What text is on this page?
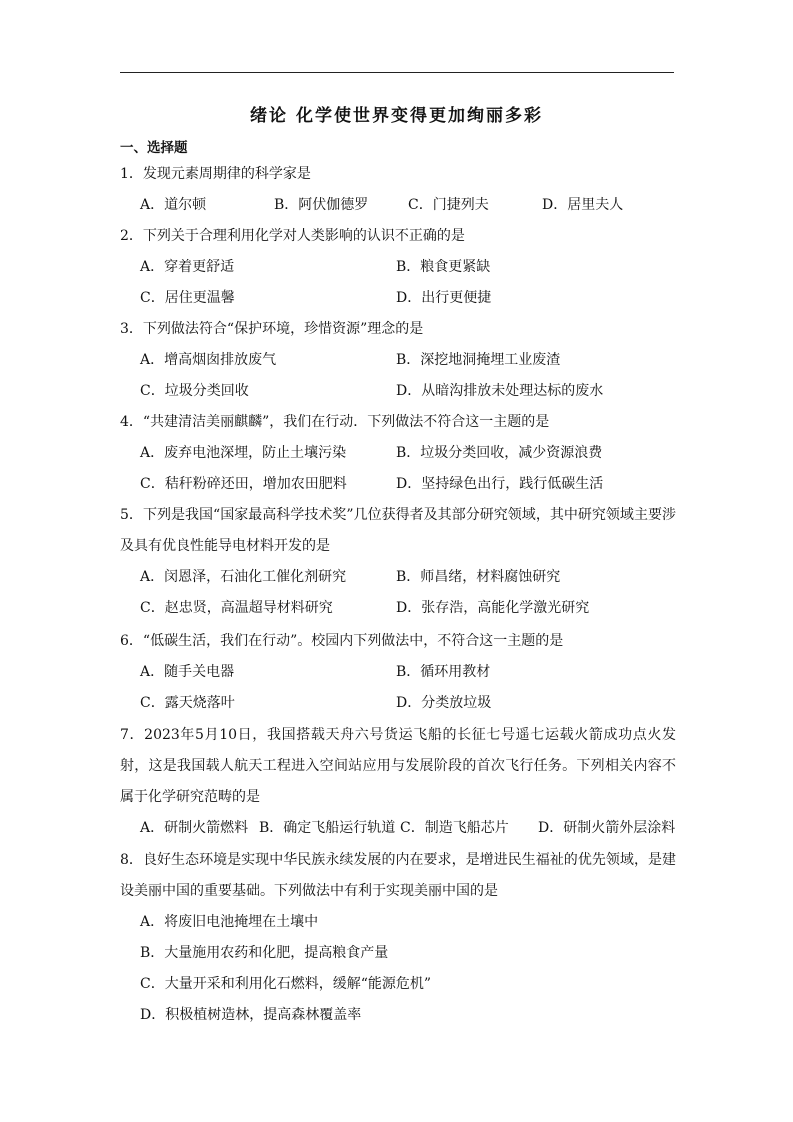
绪论 化学使世界变得更加绚丽多彩
一、选择题

1．发现元素周期律的科学家是

A．道尔顿	B．阿伏伽德罗	C．门捷列夫	D．居里夫人

2．下列关于合理利用化学对人类影响的认识不正确的是

A．穿着更舒适	B．粮食更紧缺
C．居住更温馨	D．出行更便捷

3．下列做法符合“保护环境，珍惜资源”理念的是

A．增高烟囱排放废气	B．深挖地洞掩埋工业废渣
C．垃圾分类回收	D．从暗沟排放未处理达标的废水

4．“共建清洁美丽麒麟”，我们在行动．下列做法不符合这一主题的是

A．废弃电池深埋，防止土壤污染	B．垃圾分类回收，减少资源浪费
C．秸秆粉碎还田，增加农田肥料	D．坚持绿色出行，践行低碳生活

5．下列是我国“国家最高科学技术奖”几位获得者及其部分研究领域，其中研究领域主要涉及具有优良性能导电材料开发的是

A．闵恩泽，石油化工催化剂研究	B．师昌绪，材料腐蚀研究
C．赵忠贤，高温超导材料研究	D．张存浩，高能化学激光研究

6．“低碳生活，我们在行动”。校园内下列做法中，不符合这一主题的是

A．随手关电器	B．循环用教材
C．露天烧落叶	D．分类放垃圾

7．2023年5月10日，我国搭载天舟六号货运飞船的长征七号遥七运载火箭成功点火发射，这是我国载人航天工程进入空间站应用与发展阶段的首次飞行任务。下列相关内容不属于化学研究范畴的是

A．研制火箭燃料 B．确定飞船运行轨道 C．制造飞船芯片	D．研制火箭外层涂料

8．良好生态环境是实现中华民族永续发展的内在要求，是增进民生福祉的优先领域，是建设美丽中国的重要基础。下列做法中有利于实现美丽中国的是

A．将废旧电池掩埋在土壤中
B．大量施用农药和化肥，提高粮食产量
C．大量开采和利用化石燃料，缓解“能源危机”
D．积极植树造林，提高森林覆盖率
